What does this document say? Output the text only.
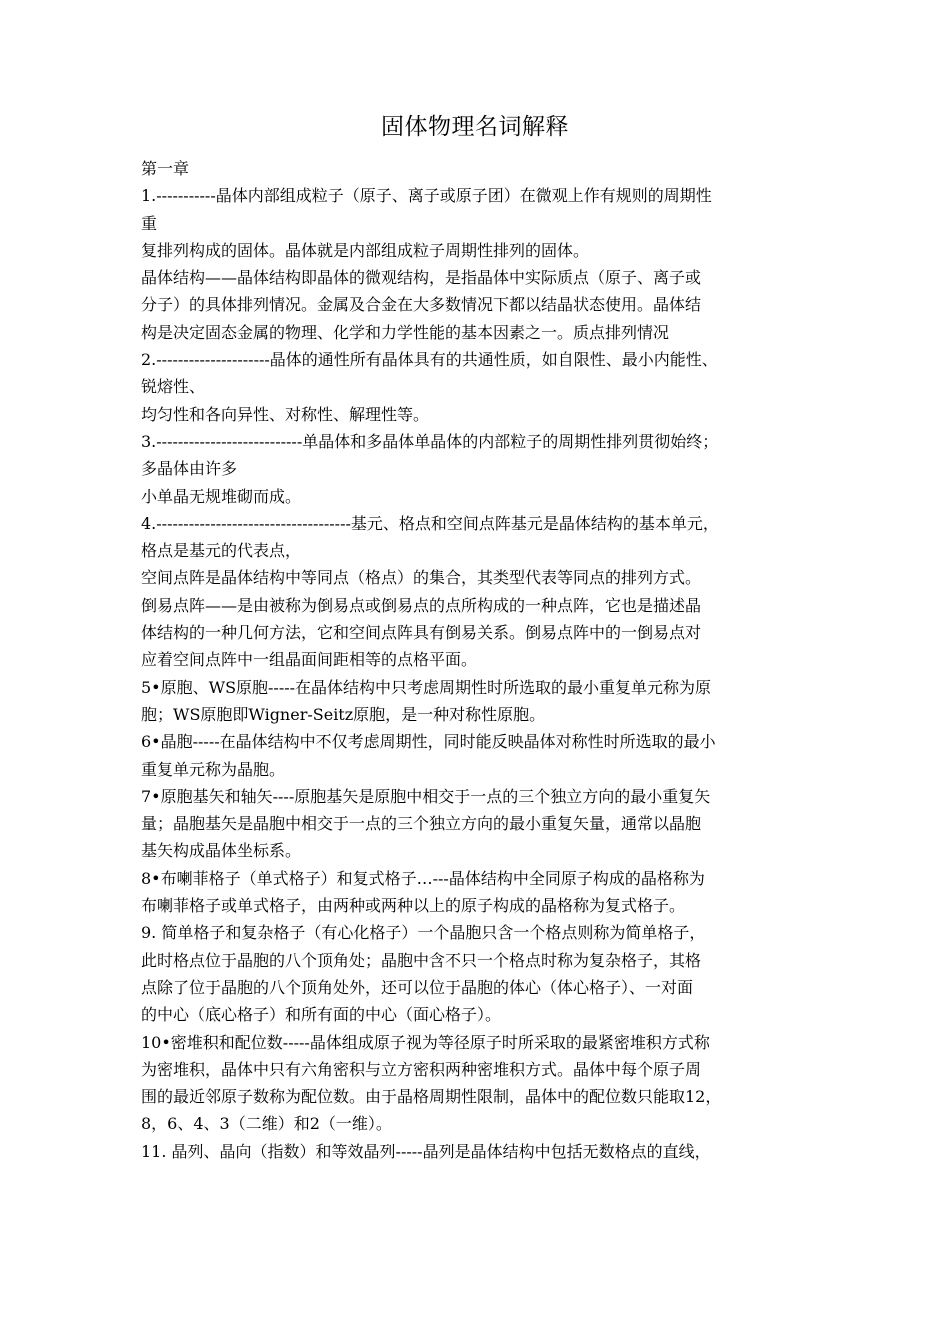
固体物理名词解释
第一章
1.-----------晶体内部组成粒子（原子、离子或原子团）在微观上作有规则的周期性
重
复排列构成的固体。晶体就是内部组成粒子周期性排列的固体。
晶体结构——晶体结构即晶体的微观结构，是指晶体中实际质点（原子、离子或
分子）的具体排列情况。金属及合金在大多数情况下都以结晶状态使用。晶体结
构是决定固态金属的物理、化学和力学性能的基本因素之一。质点排列情况
2.---------------------晶体的通性所有晶体具有的共通性质，如自限性、最小内能性、
锐熔性、
均匀性和各向异性、对称性、解理性等。
3.---------------------------单晶体和多晶体单晶体的内部粒子的周期性排列贯彻始终；
多晶体由许多
小单晶无规堆砌而成。
4.------------------------------------基元、格点和空间点阵基元是晶体结构的基本单元，
格点是基元的代表点，
空间点阵是晶体结构中等同点（格点）的集合，其类型代表等同点的排列方式。
倒易点阵——是由被称为倒易点或倒易点的点所构成的一种点阵，它也是描述晶
体结构的一种几何方法，它和空间点阵具有倒易关系。倒易点阵中的一倒易点对
应着空间点阵中一组晶面间距相等的点格平面。
5•原胞、WS原胞-----在晶体结构中只考虑周期性时所选取的最小重复单元称为原
胞；WS原胞即Wigner-Seitz原胞，是一种对称性原胞。
6•晶胞-----在晶体结构中不仅考虑周期性，同时能反映晶体对称性时所选取的最小
重复单元称为晶胞。
7•原胞基矢和轴矢----原胞基矢是原胞中相交于一点的三个独立方向的最小重复矢
量；晶胞基矢是晶胞中相交于一点的三个独立方向的最小重复矢量，通常以晶胞
基矢构成晶体坐标系。
8•布喇菲格子（单式格子）和复式格子…---晶体结构中全同原子构成的晶格称为
布喇菲格子或单式格子，由两种或两种以上的原子构成的晶格称为复式格子。
9. 简单格子和复杂格子（有心化格子）一个晶胞只含一个格点则称为简单格子，
此时格点位于晶胞的八个顶角处；晶胞中含不只一个格点时称为复杂格子，其格
点除了位于晶胞的八个顶角处外，还可以位于晶胞的体心（体心格子）、一对面
的中心（底心格子）和所有面的中心（面心格子）。
10•密堆积和配位数-----晶体组成原子视为等径原子时所采取的最紧密堆积方式称
为密堆积，晶体中只有六角密积与立方密积两种密堆积方式。晶体中每个原子周
围的最近邻原子数称为配位数。由于晶格周期性限制，晶体中的配位数只能取12，
8，6、4、3（二维）和2（一维）。
11. 晶列、晶向（指数）和等效晶列-----晶列是晶体结构中包括无数格点的直线，
